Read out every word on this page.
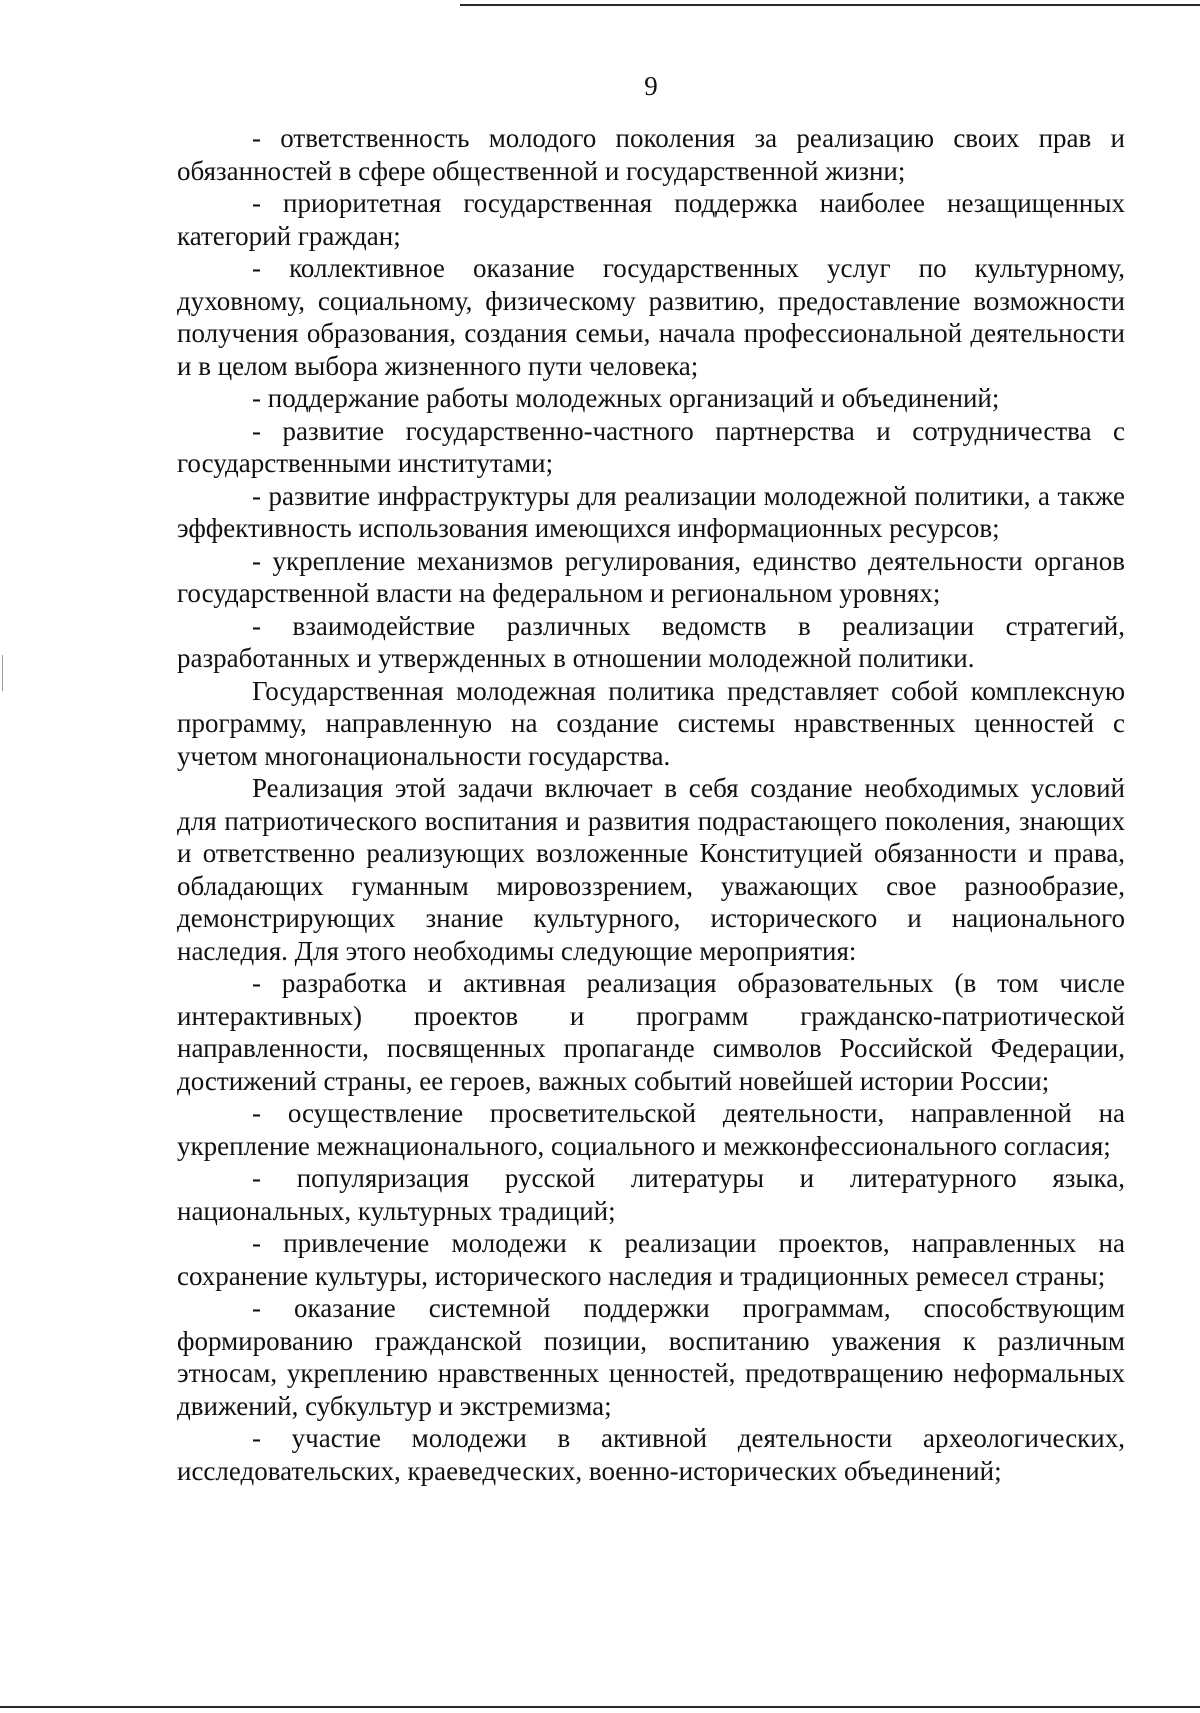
9

- ответственность молодого поколения за реализацию своих прав и обязанностей в сфере общественной и государственной жизни;

- приоритетная государственная поддержка наиболее незащищенных категорий граждан;

- коллективное оказание государственных услуг по культурному, духовному, социальному, физическому развитию, предоставление возможности получения образования, создания семьи, начала профессиональной деятельности и в целом выбора жизненного пути человека;

- поддержание работы молодежных организаций и объединений;

- развитие государственно-частного партнерства и сотрудничества с государственными институтами;

- развитие инфраструктуры для реализации молодежной политики, а также эффективность использования имеющихся информационных ресурсов;

- укрепление механизмов регулирования, единство деятельности органов государственной власти на федеральном и региональном уровнях;

- взаимодействие различных ведомств в реализации стратегий, разработанных и утвержденных в отношении молодежной политики.

Государственная молодежная политика представляет собой комплексную программу, направленную на создание системы нравственных ценностей с учетом многонациональности государства.

Реализация этой задачи включает в себя создание необходимых условий для патриотического воспитания и развития подрастающего поколения, знающих и ответственно реализующих возложенные Конституцией обязанности и права, обладающих гуманным мировоззрением, уважающих свое разнообразие, демонстрирующих знание культурного, исторического и национального наследия. Для этого необходимы следующие мероприятия:

- разработка и активная реализация образовательных (в том числе интерактивных) проектов и программ гражданско-патриотической направленности, посвященных пропаганде символов Российской Федерации, достижений страны, ее героев, важных событий новейшей истории России;

- осуществление просветительской деятельности, направленной на укрепление межнационального, социального и межконфессионального согласия;

- популяризация русской литературы и литературного языка, национальных, культурных традиций;

- привлечение молодежи к реализации проектов, направленных на сохранение культуры, исторического наследия и традиционных ремесел страны;

- оказание системной поддержки программам, способствующим формированию гражданской позиции, воспитанию уважения к различным этносам, укреплению нравственных ценностей, предотвращению неформальных движений, субкультур и экстремизма;

- участие молодежи в активной деятельности археологических, исследовательских, краеведческих, военно-исторических объединений;
